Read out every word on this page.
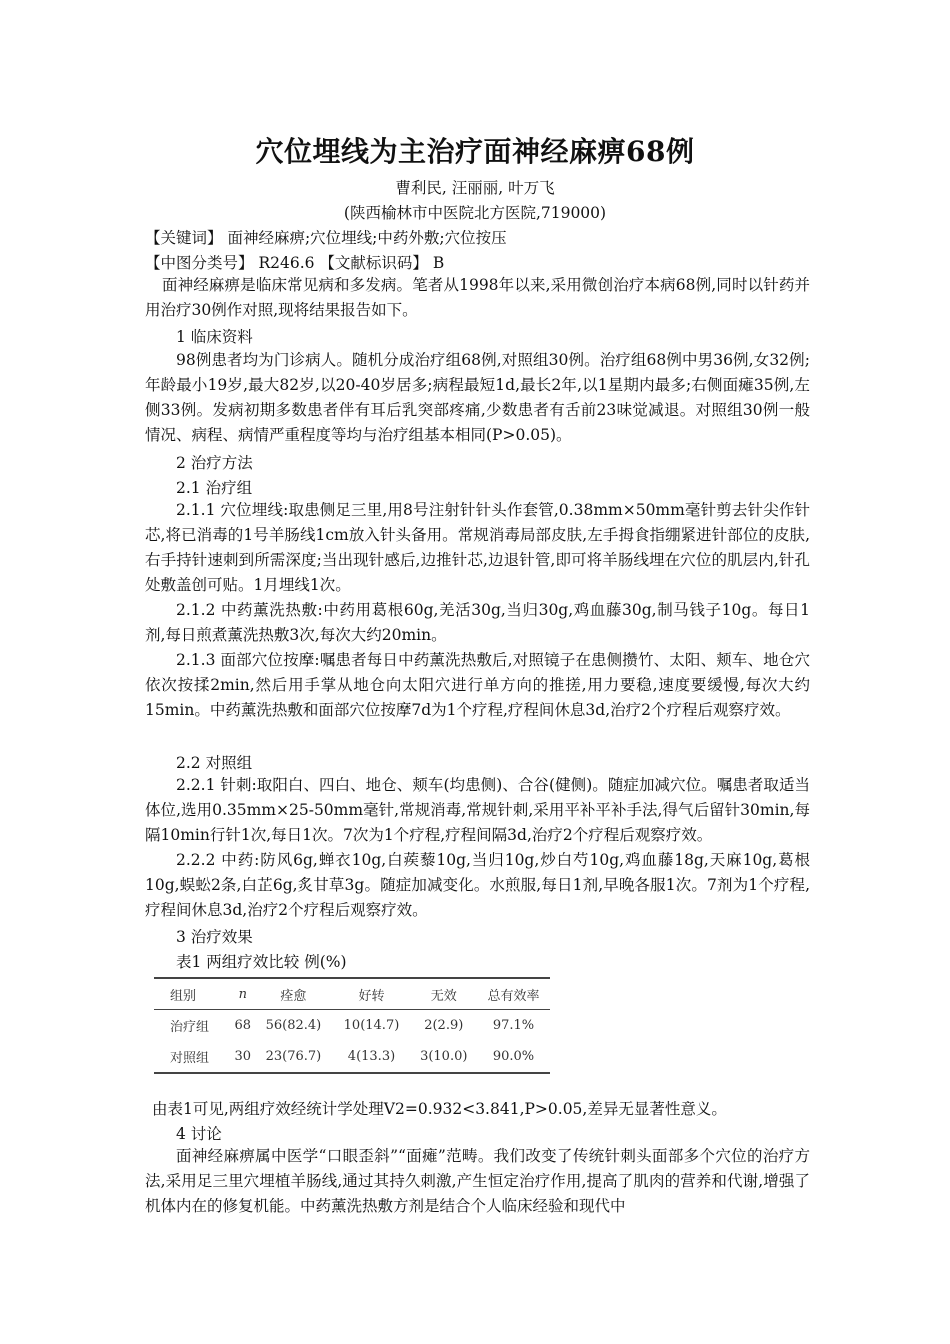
穴位埋线为主治疗面神经麻痹68例
曹利民, 汪丽丽, 叶万飞
(陕西榆林市中医院北方医院,719000)
【关键词】 面神经麻痹;穴位埋线;中药外敷;穴位按压
【中图分类号】 R246.6 【文献标识码】 B
面神经麻痹是临床常见病和多发病。笔者从1998年以来,采用微创治疗本病68例,同时以针药并用治疗30例作对照,现将结果报告如下。
1 临床资料
98例患者均为门诊病人。随机分成治疗组68例,对照组30例。治疗组68例中男36例,女32例;年龄最小19岁,最大82岁,以20-40岁居多;病程最短1d,最长2年,以1星期内最多;右侧面瘫35例,左侧33例。发病初期多数患者伴有耳后乳突部疼痛,少数患者有舌前23味觉减退。对照组30例一般情况、病程、病情严重程度等均与治疗组基本相同(P>0.05)。
2 治疗方法
2.1 治疗组
2.1.1 穴位埋线:取患侧足三里,用8号注射针针头作套管,0.38mm×50mm毫针剪去针尖作针芯,将已消毒的1号羊肠线1cm放入针头备用。常规消毒局部皮肤,左手拇食指绷紧进针部位的皮肤,右手持针速刺到所需深度;当出现针感后,边推针芯,边退针管,即可将羊肠线埋在穴位的肌层内,针孔处敷盖创可贴。1月埋线1次。
2.1.2 中药薰洗热敷:中药用葛根60g,羌活30g,当归30g,鸡血藤30g,制马钱子10g。每日1剂,每日煎煮薰洗热敷3次,每次大约20min。
2.1.3 面部穴位按摩:嘱患者每日中药薰洗热敷后,对照镜子在患侧攒竹、太阳、颊车、地仓穴依次按揉2min,然后用手掌从地仓向太阳穴进行单方向的推搓,用力要稳,速度要缓慢,每次大约15min。中药薰洗热敷和面部穴位按摩7d为1个疗程,疗程间休息3d,治疗2个疗程后观察疗效。
2.2 对照组
2.2.1 针刺:取阳白、四白、地仓、颊车(均患侧)、合谷(健侧)。随症加减穴位。嘱患者取适当体位,选用0.35mm×25-50mm毫针,常规消毒,常规针刺,采用平补平补手法,得气后留针30min,每隔10min行针1次,每日1次。7次为1个疗程,疗程间隔3d,治疗2个疗程后观察疗效。
2.2.2 中药:防风6g,蝉衣10g,白蒺藜10g,当归10g,炒白芍10g,鸡血藤18g,天麻10g,葛根10g,蜈蚣2条,白芷6g,炙甘草3g。随症加减变化。水煎服,每日1剂,早晚各服1次。7剂为1个疗程,疗程间休息3d,治疗2个疗程后观察疗效。
3 治疗效果
表1 两组疗效比较 例(%)
组别	n	痊愈	好转	无效	总有效率
治疗组	68	56(82.4)	10(14.7)	2(2.9)	97.1%
对照组	30	23(76.7)	4(13.3)	3(10.0)	90.0%
由表1可见,两组疗效经统计学处理V2=0.932<3.841,P>0.05,差异无显著性意义。
4 讨论
面神经麻痹属中医学“口眼歪斜”“面瘫”范畴。我们改变了传统针刺头面部多个穴位的治疗方法,采用足三里穴埋植羊肠线,通过其持久刺激,产生恒定治疗作用,提高了肌肉的营养和代谢,增强了机体内在的修复机能。中药薰洗热敷方剂是结合个人临床经验和现代中
